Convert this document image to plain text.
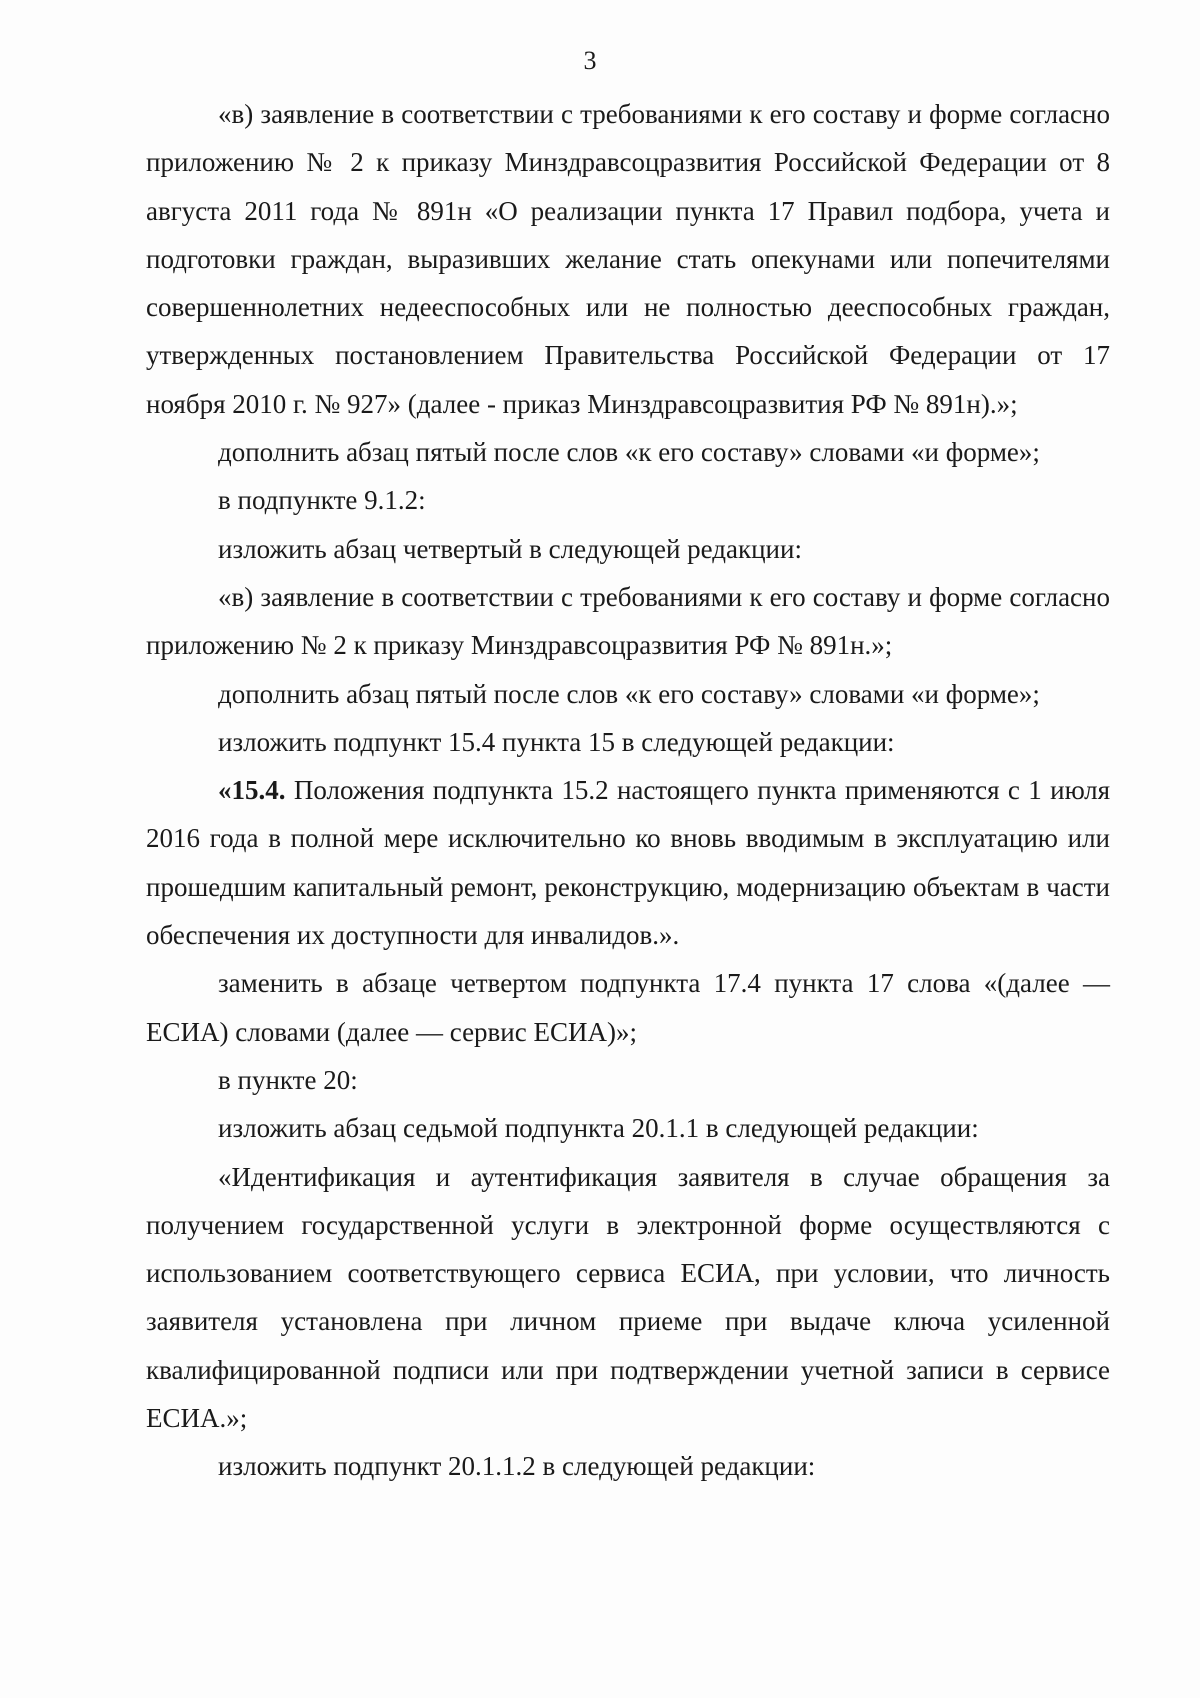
3

«в) заявление в соответствии с требованиями к его составу и форме согласно приложению № 2 к приказу Минздравсоцразвития Российской Федерации от 8 августа 2011 года № 891н «О реализации пункта 17 Правил подбора, учета и подготовки граждан, выразивших желание стать опекунами или попечителями совершеннолетних недееспособных или не полностью дееспособных граждан, утвержденных постановлением Правительства Российской Федерации от 17 ноября 2010 г. № 927» (далее - приказ Минздравсоцразвития РФ № 891н).»;

дополнить абзац пятый после слов «к его составу» словами «и форме»;

в подпункте 9.1.2:

изложить абзац четвертый в следующей редакции:

«в) заявление в соответствии с требованиями к его составу и форме согласно приложению № 2 к приказу Минздравсоцразвития РФ № 891н.»;

дополнить абзац пятый после слов «к его составу» словами «и форме»;

изложить подпункт 15.4 пункта 15 в следующей редакции:

«15.4. Положения подпункта 15.2 настоящего пункта применяются с 1 июля 2016 года в полной мере исключительно ко вновь вводимым в эксплуатацию или прошедшим капитальный ремонт, реконструкцию, модернизацию объектам в части обеспечения их доступности для инвалидов.».

заменить в абзаце четвертом подпункта 17.4 пункта 17 слова «(далее — ЕСИА) словами (далее — сервис ЕСИА)»;

в пункте 20:

изложить абзац седьмой подпункта 20.1.1 в следующей редакции:

«Идентификация и аутентификация заявителя в случае обращения за получением государственной услуги в электронной форме осуществляются с использованием соответствующего сервиса ЕСИА, при условии, что личность заявителя установлена при личном приеме при выдаче ключа усиленной квалифицированной подписи или при подтверждении учетной записи в сервисе ЕСИА.»;

изложить подпункт 20.1.1.2 в следующей редакции:
